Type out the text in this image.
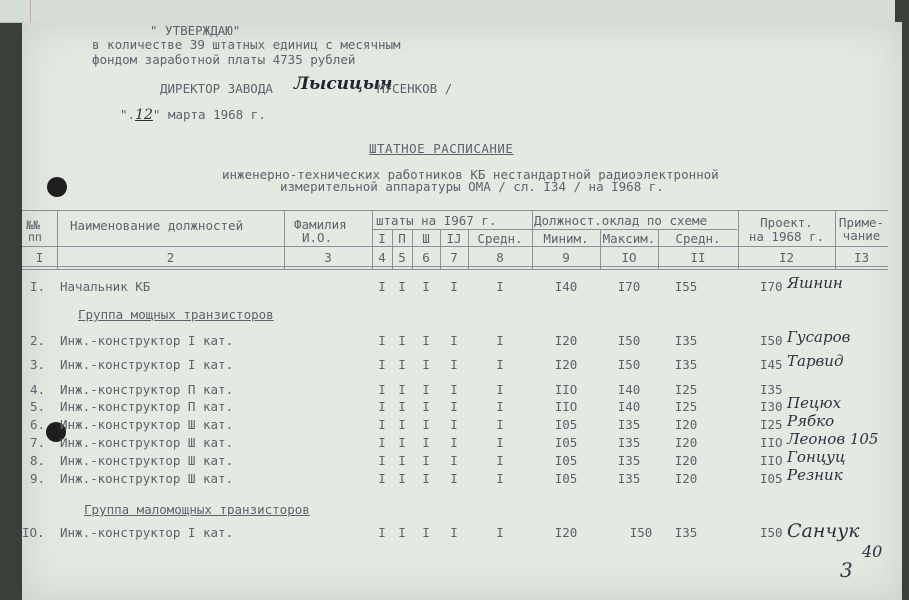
" УТВЕРЖДАЮ"
в количестве 39 штатных единиц с месячным
фондом заработной платы 4735 рублей
ДИРЕКТОР ЗАВОДА Лысицын
МУСЕНКОВ /
".12" марта 1968 г.
ШТАТНОЕ РАСПИСАНИЕ
инженерно-технических работников КБ нестандартной радиоэлектронной
измерительной аппаратуры ОМА / сл. I34 / на I968 г.
№№
пп
Наименование должностей	Фамилия
И.О.
штаты на I967 г.
I П	Ш	IJ	Средн.
Должност.оклад по схеме
Миним.	Максим.	Средн.
Проект.
на 1968 г.
Приме-
чание
I	2	3	4 5	6	7	8	9	IO	II	I2	I3
Группа мощных транзисторов
Группа маломощных транзисторов
I. Начальник КБ	I I	I	I	I	I40	I70	I55	I70 Яшнин
2. Инж.-конструктор I кат.	I I	I	I	I	I20	I50	I35	I50 Гусаров
3. Инж.-конструктор I кат.	I I	I	I	I	I20	I50	I35	I45 Тарвид
4. Инж.-конструктор П кат.	I I	I	I	I	IIO	I40	I25	I35
5. Инж.-конструктор П кат.	I I	I	I	I	IIO	I40	I25	I30 Пецюх
6. Инж.-конструктор Ш кат.	I I	I	I	I	I05	I35	I20	I25 Рябко
7. Инж.-конструктор Ш кат.	I I	I	I	I	I05	I35	I20	IIO Леонов 105
8. Инж.-конструктор Ш кат.	I I	I	I	I	I05	I35	I20	IIO Гонцуц
9. Инж.-конструктор Ш кат.	I I	I	I	I	I05	I35	I20	I05 Резник
IO. Инж.-конструктор I кат.	I I	I	I	I	I20	I50	I35	I50 Санчук
40
3
